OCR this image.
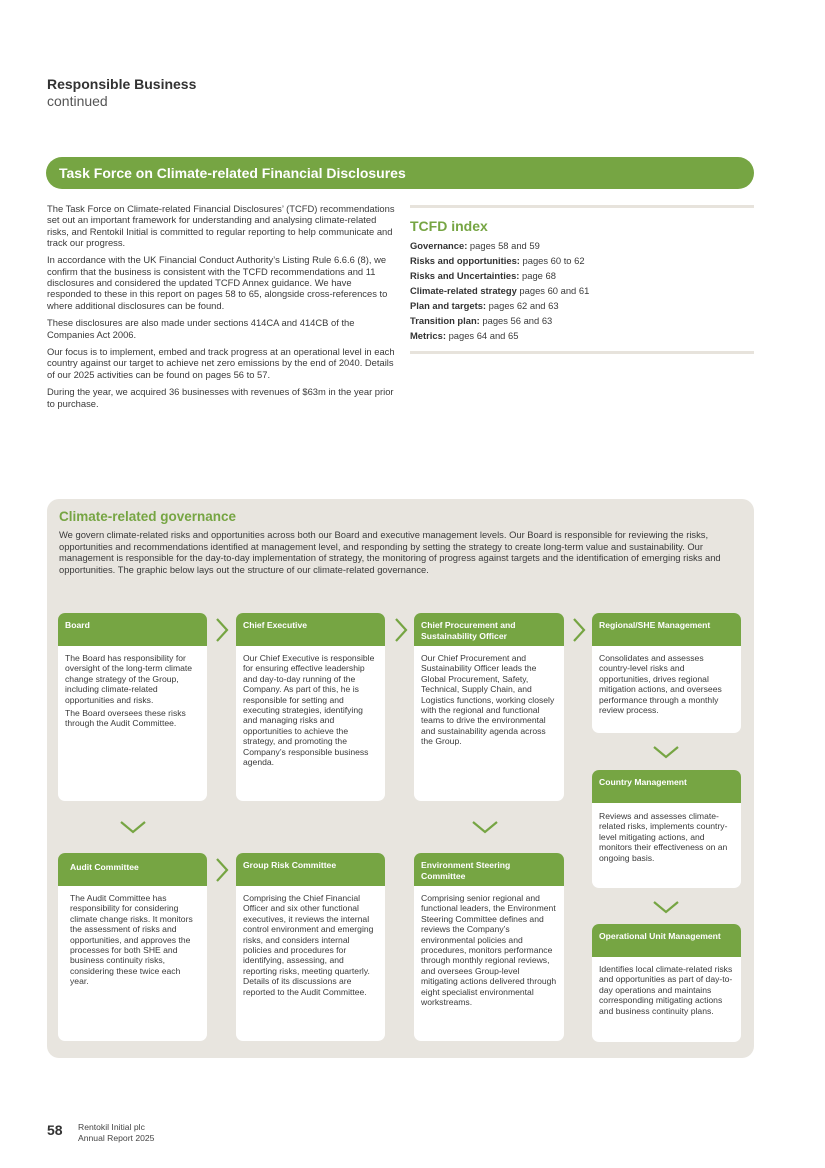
Responsible Business
continued
Task Force on Climate-related Financial Disclosures

The Task Force on Climate-related Financial Disclosures’ (TCFD) recommendations set out an important framework for understanding and analysing climate-related risks, and Rentokil Initial is committed to regular reporting to help communicate and track our progress.

In accordance with the UK Financial Conduct Authority’s Listing Rule 6.6.6 (8), we confirm that the business is consistent with the TCFD recommendations and 11 disclosures and considered the updated TCFD Annex guidance. We have responded to these in this report on pages 58 to 65, alongside cross-references to where additional disclosures can be found.

These disclosures are also made under sections 414CA and 414CB of the Companies Act 2006.

Our focus is to implement, embed and track progress at an operational level in each country against our target to achieve net zero emissions by the end of 2040. Details of our 2025 activities can be found on pages 56 to 57.

During the year, we acquired 36 businesses with revenues of $63m in the year prior to purchase.

TCFD index
Governance: pages 58 and 59
Risks and opportunities: pages 60 to 62
Risks and Uncertainties: page 68
Climate-related strategy pages 60 and 61
Plan and targets: pages 62 and 63
Transition plan: pages 56 and 63
Metrics: pages 64 and 65
Climate-related governance
We govern climate-related risks and opportunities across both our Board and executive management levels. Our Board is responsible for reviewing the risks, opportunities and recommendations identified at management level, and responding by setting the strategy to create long-term value and sustainability. Our management is responsible for the day-to-day implementation of strategy, the monitoring of progress against targets and the identification of emerging risks and opportunities. The graphic below lays out the structure of our climate-related governance.
Board

The Board has responsibility for oversight of the long-term climate change strategy of the Group, including climate-related opportunities and risks.

The Board oversees these risks through the Audit Committee.

Chief Executive

Our Chief Executive is responsible for ensuring effective leadership and day-to-day running of the Company. As part of this, he is responsible for setting and executing strategies, identifying and managing risks and opportunities to achieve the strategy, and promoting the Company’s responsible business agenda.

Chief Procurement and Sustainability Officer

Our Chief Procurement and Sustainability Officer leads the Global Procurement, Safety, Technical, Supply Chain, and Logistics functions, working closely with the regional and functional teams to drive the environmental and sustainability agenda across the Group.

Regional/SHE Management

Consolidates and assesses country-level risks and opportunities, drives regional mitigation actions, and oversees performance through a monthly review process.

Country Management

Reviews and assesses climate-related risks, implements country-level mitigating actions, and monitors their effectiveness on an ongoing basis.

Audit Committee

The Audit Committee has responsibility for considering climate change risks. It monitors the assessment of risks and opportunities, and approves the processes for both SHE and business continuity risks, considering these twice each year.

Group Risk Committee

Comprising the Chief Financial Officer and six other functional executives, it reviews the internal control environment and emerging risks, and considers internal policies and procedures for identifying, assessing, and reporting risks, meeting quarterly. Details of its discussions are reported to the Audit Committee.

Environment Steering Committee

Comprising senior regional and functional leaders, the Environment Steering Committee defines and reviews the Company’s environmental policies and procedures, monitors performance through monthly regional reviews, and oversees Group-level mitigating actions delivered through eight specialist environmental workstreams.

Operational Unit Management

Identifies local climate-related risks and opportunities as part of day-to-day operations and maintains corresponding mitigating actions and business continuity plans.

58 Rentokil Initial plc
Annual Report 2025
